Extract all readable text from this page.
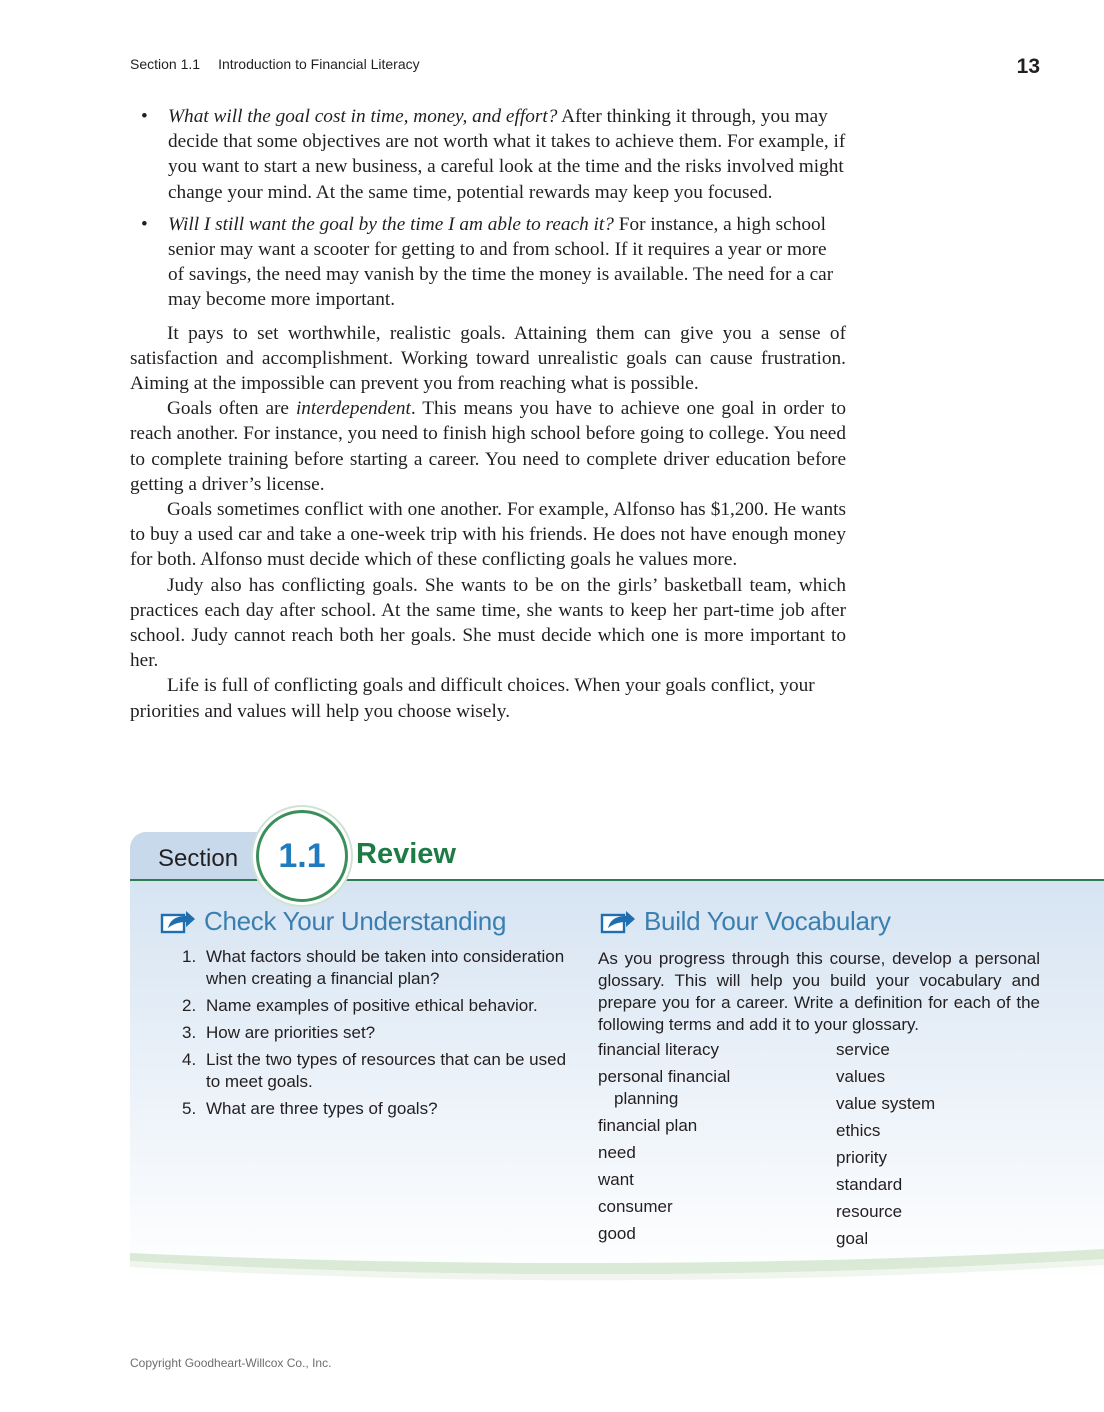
Section 1.1 Introduction to Financial Literacy	13
• What will the goal cost in time, money, and effort? After thinking it through, you may decide that some objectives are not worth what it takes to achieve them. For example, if you want to start a new business, a careful look at the time and the risks involved might change your mind. At the same time, potential rewards may keep you focused.
• Will I still want the goal by the time I am able to reach it? For instance, a high school senior may want a scooter for getting to and from school. If it requires a year or more of savings, the need may vanish by the time the money is available. The need for a car may become more important.

It pays to set worthwhile, realistic goals. Attaining them can give you a sense of satisfaction and accomplishment. Working toward unrealistic goals can cause frustration. Aiming at the impossible can prevent you from reaching what is possible.

Goals often are interdependent. This means you have to achieve one goal in order to reach another. For instance, you need to finish high school before going to college. You need to complete training before starting a career. You need to complete driver education before getting a driver’s license.

Goals sometimes conflict with one another. For example, Alfonso has $1,200. He wants to buy a used car and take a one-week trip with his friends. He does not have enough money for both. Alfonso must decide which of these conflicting goals he values more.

Judy also has conflicting goals. She wants to be on the girls’ basketball team, which practices each day after school. At the same time, she wants to keep her part-time job after school. Judy cannot reach both her goals. She must decide which one is more important to her.

Life is full of conflicting goals and difficult choices. When your goals conflict, your priorities and values will help you choose wisely.

Section	1.1	Review
Check Your Understanding
1. What factors should be taken into consideration when creating a financial plan?
2. Name examples of positive ethical behavior.
3. How are priorities set?
4. List the two types of resources that can be used to meet goals.
5. What are three types of goals?
Build Your Vocabulary
As you progress through this course, develop a personal glossary. This will help you build your vocabulary and prepare you for a career. Write a definition for each of the following terms and add it to your glossary.
financial literacy
personal financial
planning
financial plan
need
want
consumer
good
service
values
value system
ethics
priority
standard
resource
goal
Copyright Goodheart-Willcox Co., Inc.
